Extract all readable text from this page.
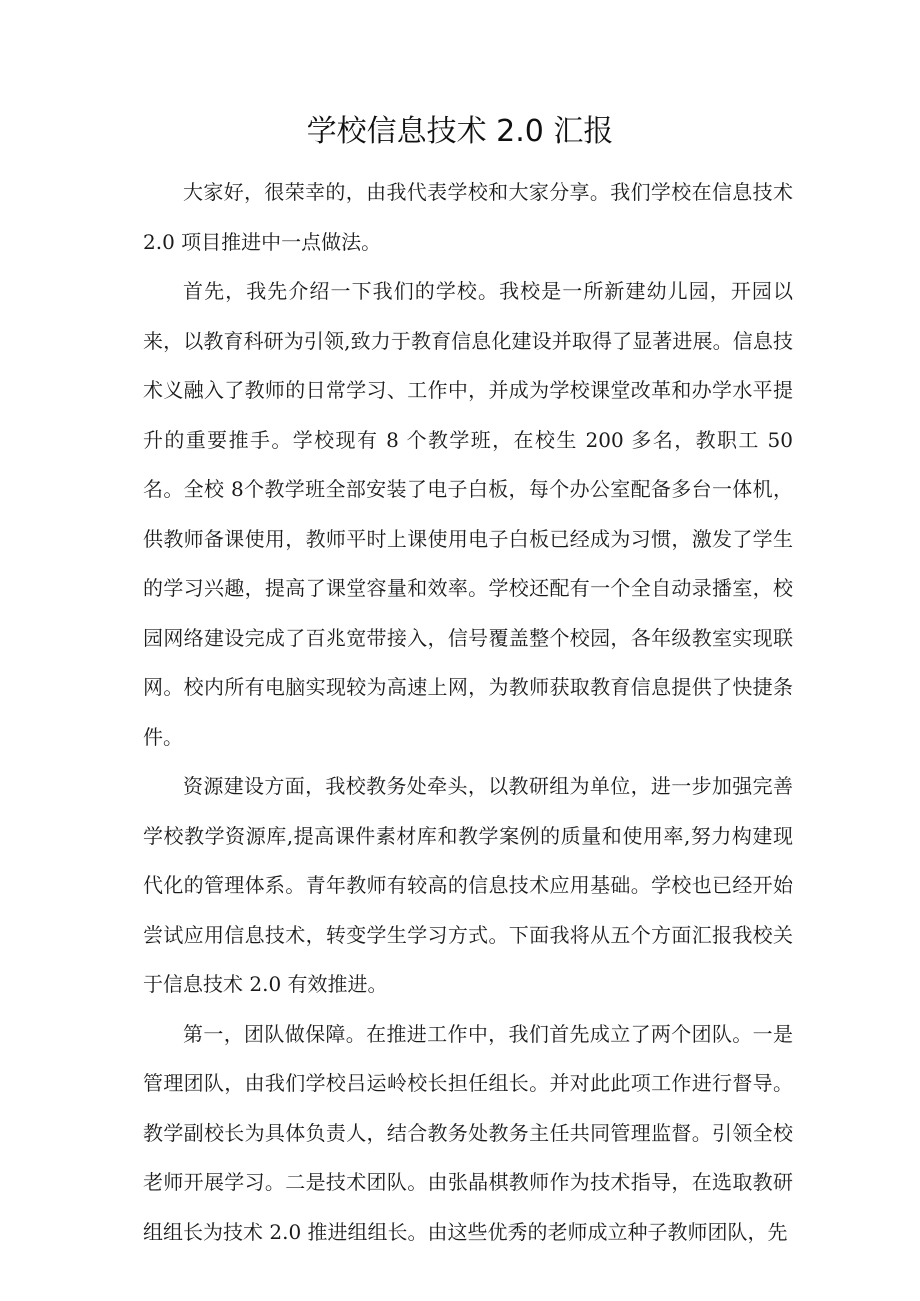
学校信息技术 2.0 汇报

大家好，很荣幸的，由我代表学校和大家分享。我们学校在信息技术2.0 项目推进中一点做法。

首先，我先介绍一下我们的学校。我校是一所新建幼儿园，开园以来，以教育科研为引领,致力于教育信息化建设并取得了显著进展。信息技术义融入了教师的日常学习、工作中，并成为学校课堂改革和办学水平提升的重要推手。学校现有 8 个教学班，在校生 200 多名，教职工 50 名。全校 8个教学班全部安装了电子白板，每个办公室配备多台一体机，供教师备课使用，教师平时上课使用电子白板已经成为习惯，激发了学生的学习兴趣，提高了课堂容量和效率。学校还配有一个全自动录播室，校园网络建设完成了百兆宽带接入，信号覆盖整个校园，各年级教室实现联网。校内所有电脑实现较为高速上网，为教师获取教育信息提供了快捷条件。

资源建设方面，我校教务处牵头，以教研组为单位，进一步加强完善学校教学资源库,提高课件素材库和教学案例的质量和使用率,努力构建现代化的管理体系。青年教师有较高的信息技术应用基础。学校也已经开始尝试应用信息技术，转变学生学习方式。下面我将从五个方面汇报我校关于信息技术 2.0 有效推进。

第一，团队做保障。在推进工作中，我们首先成立了两个团队。一是管理团队，由我们学校吕运岭校长担任组长。并对此此项工作进行督导。教学副校长为具体负责人，结合教务处教务主任共同管理监督。引领全校老师开展学习。二是技术团队。由张晶棋教师作为技术指导，在选取教研组组长为技术 2.0 推进组组长。由这些优秀的老师成立种子教师团队，先
